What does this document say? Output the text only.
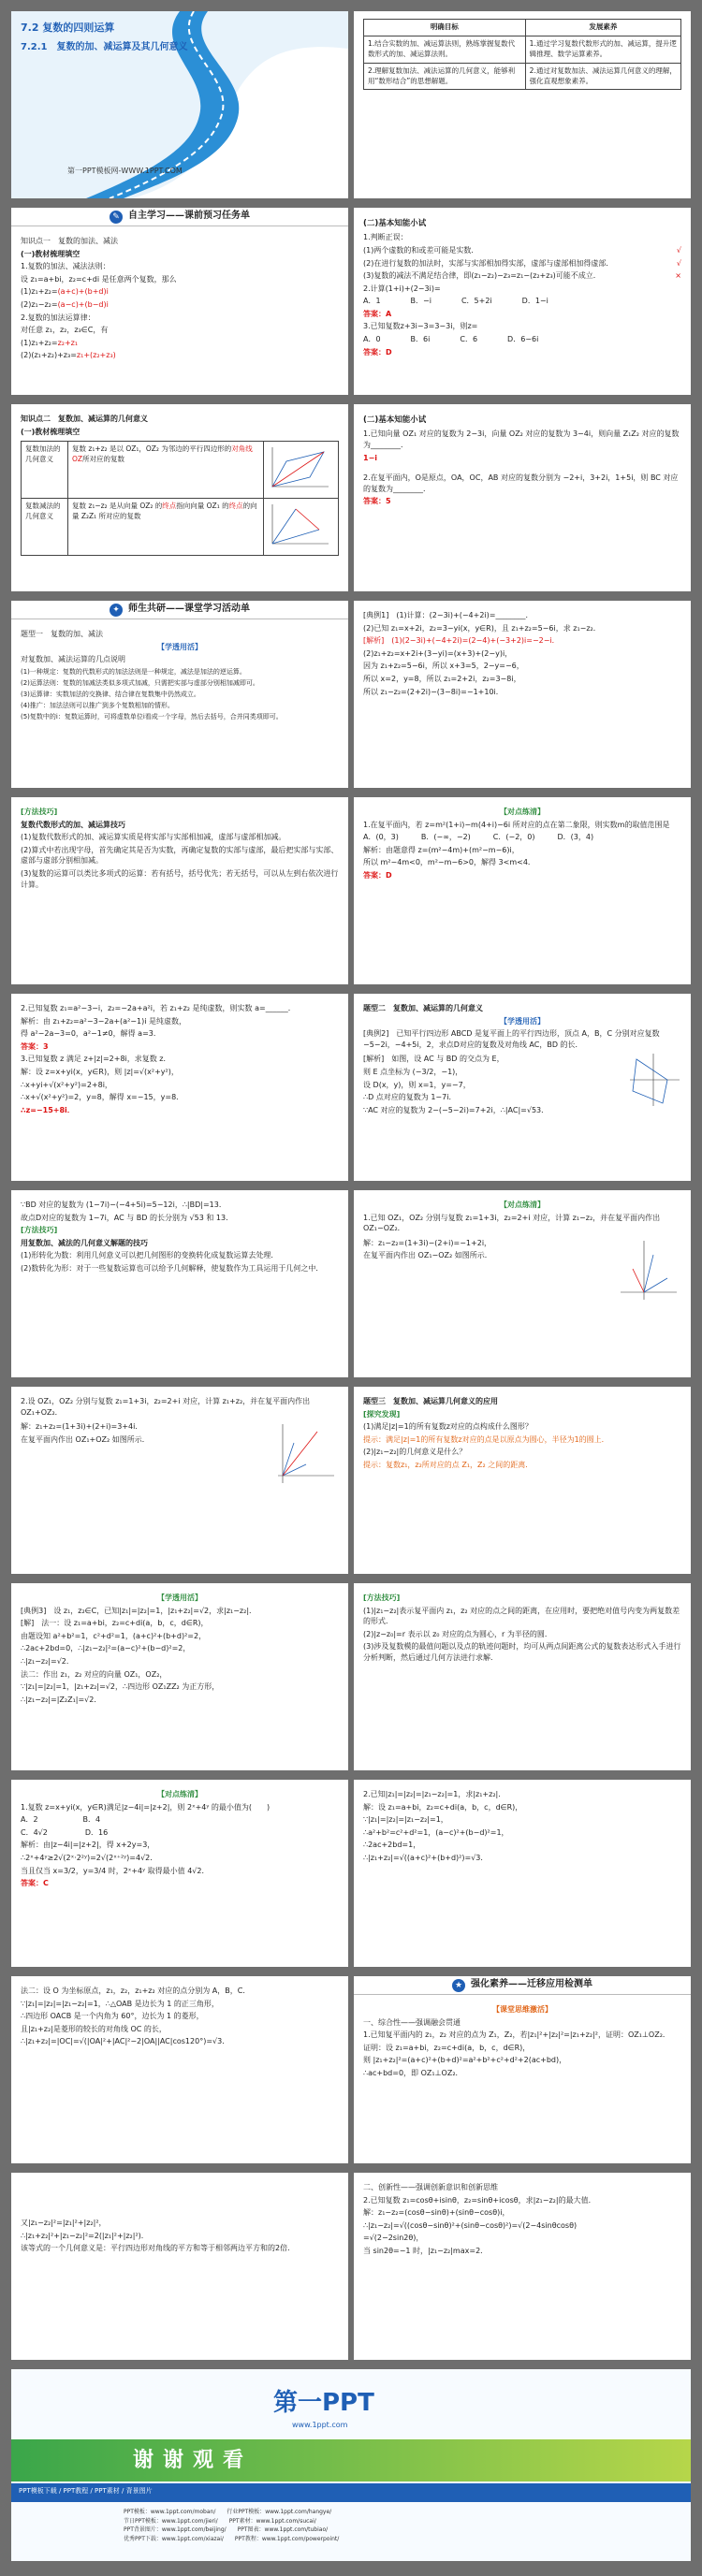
7.2 复数的四则运算
7.2.1　复数的加、减运算及其几何意义
第一PPT模板网-WWW.1PPT.COM
明确目标	发展素养
1.结合实数的加、减运算法则，熟练掌握复数代数形式的加、减运算法则。	1.通过学习复数代数形式的加、减运算，提升逻辑推理、数学运算素养。
2.理解复数加法、减法运算的几何意义，能够利用“数形结合”的思想解题。	2.通过对复数加法、减法运算几何意义的理解，强化直观想象素养。
✎ 自主学习——课前预习任务单
知识点一　复数的加法、减法
(一)教材梳理填空
1.复数的加法、减法法则：
设 z₁=a+bi，z₂=c+di 是任意两个复数，那么
(1)z₁+z₂=(a+c)+(b+d)i
(2)z₁−z₂=(a−c)+(b−d)i
2.复数的加法运算律：
对任意 z₁，z₂，z₃∈C，有
(1)z₁+z₂=z₂+z₁
(2)(z₁+z₂)+z₃=z₁+(z₂+z₃)
(二)基本知能小试
1.判断正误：
(1)两个虚数的和或差可能是实数．	√
(2)在进行复数的加法时，实部与实部相加得实部，虚部与虚部相加得虚部．	√
(3)复数的减法不满足结合律，即(z₁−z₂)−z₃=z₁−(z₂+z₃)可能不成立．	×
2.计算(1+i)+(2−3i)=
A．1　　　　B．−i　　　　C．5+2i　　　　D．1−i
答案：A
3.已知复数z+3i−3=3−3i，则z=
A．0　　　　B．6i　　　　C．6　　　　D．6−6i
答案：D
知识点二　复数加、减运算的几何意义
(一)教材梳理填空
复数加法的几何意义	复数 z₁+z₂ 是以 OZ₁，OZ₂ 为邻边的平行四边形的对角线 OZ所对应的复数	
复数减法的几何意义	复数 z₁−z₂ 是从向量 OZ₂ 的终点指向向量 OZ₁ 的终点的向量 Z₂Z₁ 所对应的复数	
(二)基本知能小试
1.已知向量 OZ₁ 对应的复数为 2−3i，向量 OZ₂ 对应的复数为 3−4i，则向量 Z₁Z₂ 对应的复数为________．
1−i
2.在复平面内，O是原点，OA，OC，AB 对应的复数分别为 −2+i，3+2i，1+5i，则 BC 对应的复数为________．
答案：5
✦ 师生共研——课堂学习活动单
题型一　复数的加、减法
【学透用活】
对复数加、减法运算的几点说明
(1)一种规定：复数的代数形式的加法法则是一种规定，减法是加法的逆运算。
(2)运算法则：复数的加减法类似多项式加减，只需把实部与虚部分别相加减即可。
(3)运算律：实数加法的交换律、结合律在复数集中仍然成立。
(4)推广：加法法则可以推广到多个复数相加的情形。
(5)复数中的i：复数运算时，可将虚数单位i看成一个字母，然后去括号，合并同类项即可。
[典例1]　(1)计算：(2−3i)+(−4+2i)=________．
(2)已知 z₁=x+2i，z₂=3−yi(x，y∈R)，且 z₁+z₂=5−6i，求 z₁−z₂．
[解析]　(1)(2−3i)+(−4+2i)=(2−4)+(−3+2)i=−2−i．
(2)z₁+z₂=x+2i+(3−yi)=(x+3)+(2−y)i，
因为 z₁+z₂=5−6i，所以 x+3=5，2−y=−6，
所以 x=2，y=8，所以 z₁=2+2i，z₂=3−8i，
所以 z₁−z₂=(2+2i)−(3−8i)=−1+10i．
[方法技巧]
复数代数形式的加、减运算技巧
(1)复数代数形式的加、减运算实质是将实部与实部相加减，虚部与虚部相加减。
(2)算式中若出现字母，首先确定其是否为实数，再确定复数的实部与虚部，最后把实部与实部、虚部与虚部分别相加减。
(3)复数的运算可以类比多项式的运算：若有括号，括号优先；若无括号，可以从左到右依次进行计算。
【对点练清】
1.在复平面内，若 z=m²(1+i)−m(4+i)−6i 所对应的点在第二象限，则实数m的取值范围是
A．(0，3)　　　B．(−∞，−2)　　　C．(−2，0)　　　D．(3，4)
解析：由题意得 z=(m²−4m)+(m²−m−6)i，
所以 m²−4m<0，m²−m−6>0，解得 3<m<4．
答案：D
2.已知复数 z₁=a²−3−i，z₂=−2a+a²i，若 z₁+z₂ 是纯虚数，则实数 a=______．
解析：由 z₁+z₂=a²−3−2a+(a²−1)i 是纯虚数，
得 a²−2a−3=0，a²−1≠0，解得 a=3．
答案：3
3.已知复数 z 满足 z+|z|=2+8i，求复数 z．
解：设 z=x+yi(x，y∈R)，则 |z|=√(x²+y²)，
∴x+yi+√(x²+y²)=2+8i，
∴x+√(x²+y²)=2，y=8，解得 x=−15，y=8．
∴z=−15+8i．
题型二　复数加、减运算的几何意义
【学透用活】
[典例2]　已知平行四边形 ABCD 是复平面上的平行四边形，顶点 A，B，C 分别对应复数 −5−2i，−4+5i，2，求点D对应的复数及对角线 AC，BD 的长．
[解析]　如图，设 AC 与 BD 的交点为 E，
则 E 点坐标为 (−3/2，−1)，
设 D(x，y)，则 x=1，y=−7，
∴D 点对应的复数为 1−7i．
∵AC 对应的复数为 2−(−5−2i)=7+2i，∴|AC|=√53．
∵BD 对应的复数为 (1−7i)−(−4+5i)=5−12i，∴|BD|=13．
故点D对应的复数为 1−7i，AC 与 BD 的长分别为 √53 和 13．
[方法技巧]
用复数加、减法的几何意义解题的技巧
(1)形转化为数：利用几何意义可以把几何图形的变换转化成复数运算去处理．
(2)数转化为形：对于一些复数运算也可以给予几何解释，使复数作为工具运用于几何之中．
【对点练清】
1.已知 OZ₁，OZ₂ 分别与复数 z₁=1+3i，z₂=2+i 对应，计算 z₁−z₂，并在复平面内作出 OZ₁−OZ₂．
解：z₁−z₂=(1+3i)−(2+i)=−1+2i，
在复平面内作出 OZ₁−OZ₂ 如图所示．
2.设 OZ₁，OZ₂ 分别与复数 z₁=1+3i，z₂=2+i 对应，计算 z₁+z₂，并在复平面内作出 OZ₁+OZ₂．
解：z₁+z₂=(1+3i)+(2+i)=3+4i．
在复平面内作出 OZ₁+OZ₂ 如图所示．
题型三　复数加、减运算几何意义的应用
[探究发现]
(1)满足|z|=1的所有复数z对应的点构成什么图形？
提示：满足|z|=1的所有复数z对应的点是以原点为圆心，半径为1的圆上．
(2)|z₁−z₂|的几何意义是什么？
提示：复数z₁，z₂所对应的点 Z₁，Z₂ 之间的距离．
【学透用活】
[典例3]　设 z₁，z₂∈C，已知|z₁|=|z₂|=1，|z₁+z₂|=√2，求|z₁−z₂|．
[解]　法一：设 z₁=a+bi，z₂=c+di(a，b，c，d∈R)，
由题设知 a²+b²=1，c²+d²=1，(a+c)²+(b+d)²=2，
∴2ac+2bd=0，∴|z₁−z₂|²=(a−c)²+(b−d)²=2，
∴|z₁−z₂|=√2．
法二：作出 z₁，z₂ 对应的向量 OZ₁，OZ₂，
∵|z₁|=|z₂|=1，|z₁+z₂|=√2，∴四边形 OZ₁ZZ₂ 为正方形，
∴|z₁−z₂|=|Z₂Z₁|=√2．
[方法技巧]
(1)|z₁−z₂|表示复平面内 z₁，z₂ 对应的点之间的距离，在应用时，要把绝对值号内变为两复数差的形式．
(2)|z−z₀|=r 表示以 z₀ 对应的点为圆心，r 为半径的圆．
(3)涉及复数模的最值问题以及点的轨迹问题时，均可从两点间距离公式的复数表达形式入手进行分析判断，然后通过几何方法进行求解．
【对点练清】
1.复数 z=x+yi(x，y∈R)满足|z−4i|=|z+2|，则 2ˣ+4ʸ 的最小值为(　　)
A．2　　　　　　B．4
C．4√2　　　　　D．16
解析：由|z−4i|=|z+2|，得 x+2y=3，
∴2ˣ+4ʸ≥2√(2ˣ·2²ʸ)=2√(2ˣ⁺²ʸ)=4√2．
当且仅当 x=3/2，y=3/4 时，2ˣ+4ʸ 取得最小值 4√2．
答案：C
2.已知|z₁|=|z₂|=|z₁−z₂|=1，求|z₁+z₂|．
解：设 z₁=a+bi，z₂=c+di(a，b，c，d∈R)，
∵|z₁|=|z₂|=|z₁−z₂|=1，
∴a²+b²=c²+d²=1，(a−c)²+(b−d)²=1，
∴2ac+2bd=1，
∴|z₁+z₂|=√((a+c)²+(b+d)²)=√3．
法二：设 O 为坐标原点，z₁，z₂，z₁+z₂ 对应的点分别为 A，B，C．
∵|z₁|=|z₂|=|z₁−z₂|=1，∴△OAB 是边长为 1 的正三角形，
∴四边形 OACB 是一个内角为 60°，边长为 1 的菱形，
且|z₁+z₂|是菱形的较长的对角线 OC 的长，
∴|z₁+z₂|=|OC|=√(|OA|²+|AC|²−2|OA||AC|cos120°)=√3．
★ 强化素养——迁移应用检测单
【课堂思维激活】
一、综合性——强调融会贯通
1.已知复平面内的 z₁，z₂ 对应的点为 Z₁，Z₂，若|z₁|²+|z₂|²=|z₁+z₂|²，证明：OZ₁⊥OZ₂．
证明：设 z₁=a+bi，z₂=c+di(a，b，c，d∈R)，
则 |z₁+z₂|²=(a+c)²+(b+d)²=a²+b²+c²+d²+2(ac+bd)，
∴ac+bd=0，即 OZ₁⊥OZ₂．
又|z₁−z₂|²=|z₁|²+|z₂|²，
∴|z₁+z₂|²+|z₁−z₂|²=2(|z₁|²+|z₂|²)．
该等式的一个几何意义是：平行四边形对角线的平方和等于相邻两边平方和的2倍．
二、创新性——强调创新意识和创新思维
2.已知复数 z₁=cosθ+isinθ，z₂=sinθ+icosθ，求|z₁−z₂|的最大值．
解：z₁−z₂=(cosθ−sinθ)+(sinθ−cosθ)i，
∴|z₁−z₂|=√((cosθ−sinθ)²+(sinθ−cosθ)²)=√(2−4sinθcosθ)
=√(2−2sin2θ)，
当 sin2θ=−1 时，|z₁−z₂|max=2．
第一PPT
www.1ppt.com
谢谢观看
PPT模板下载 / PPT教程 / PPT素材 / 背景图片
PPT模板：www.1ppt.com/moban/　　行业PPT模板：www.1ppt.com/hangye/
节日PPT模板：www.1ppt.com/jieri/　　PPT素材：www.1ppt.com/sucai/
PPT背景图片：www.1ppt.com/beijing/　　PPT图表：www.1ppt.com/tubiao/
优秀PPT下载：www.1ppt.com/xiazai/　　PPT教程：www.1ppt.com/powerpoint/
